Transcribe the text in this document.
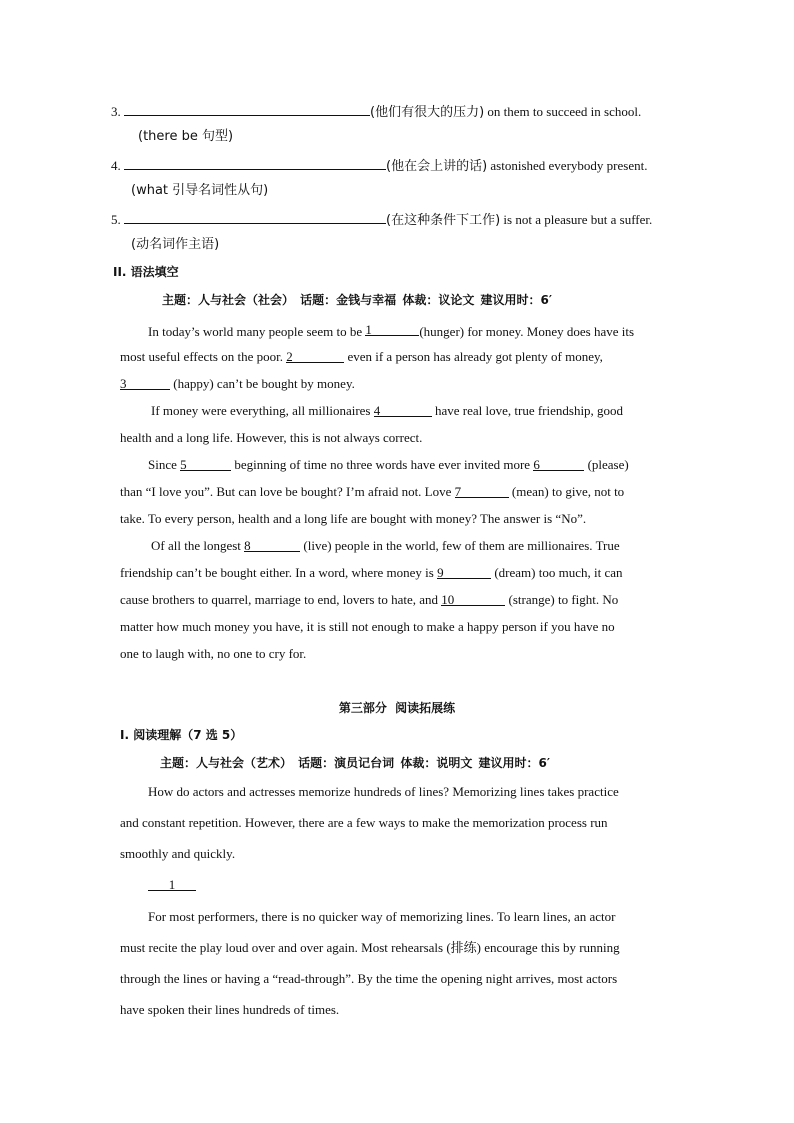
3.	(他们有很大的压力) on them to succeed in school.
(there be 句型)
4.	(他在会上讲的话) astonished everybody present.
(what 引导名词性从句)
5.	(在这种条件下工作) is not a pleasure but a suffer.
(动名词作主语)
II. 语法填空
主题：人与社会（社会） 话题：金钱与幸福 体裁：议论文 建议用时：6′
In today’s world many people seem to be 1	(hunger) for money. Money does have its
most useful effects on the poor. 2	even if a person has already got plenty of money,
3	(happy) can’t be bought by money.
If money were everything, all millionaires 4	have real love, true friendship, good
health and a long life. However, this is not always correct.
Since 5	beginning of time no three words have ever invited more 6	(please)
than “I love you”. But can love be bought? I’m afraid not. Love 7	(mean) to give, not to
take. To every person, health and a long life are bought with money? The answer is “No”.
Of all the longest 8	(live) people in the world, few of them are millionaires. True
friendship can’t be bought either. In a word, where money is 9	(dream) too much, it can
cause brothers to quarrel, marriage to end, lovers to hate, and 10	(strange) to fight. No
matter how much money you have, it is still not enough to make a happy person if you have no
one to laugh with, no one to cry for.
第三部分 阅读拓展练
I. 阅读理解（7 选 5）
主题：人与社会（艺术） 话题：演员记台词 体裁：说明文 建议用时：6′
How do actors and actresses memorize hundreds of lines? Memorizing lines takes practice
and constant repetition. However, there are a few ways to make the memorization process run
smoothly and quickly.
1
For most performers, there is no quicker way of memorizing lines. To learn lines, an actor
must recite the play loud over and over again. Most rehearsals (排练) encourage this by running
through the lines or having a “read-through”. By the time the opening night arrives, most actors
have spoken their lines hundreds of times.
